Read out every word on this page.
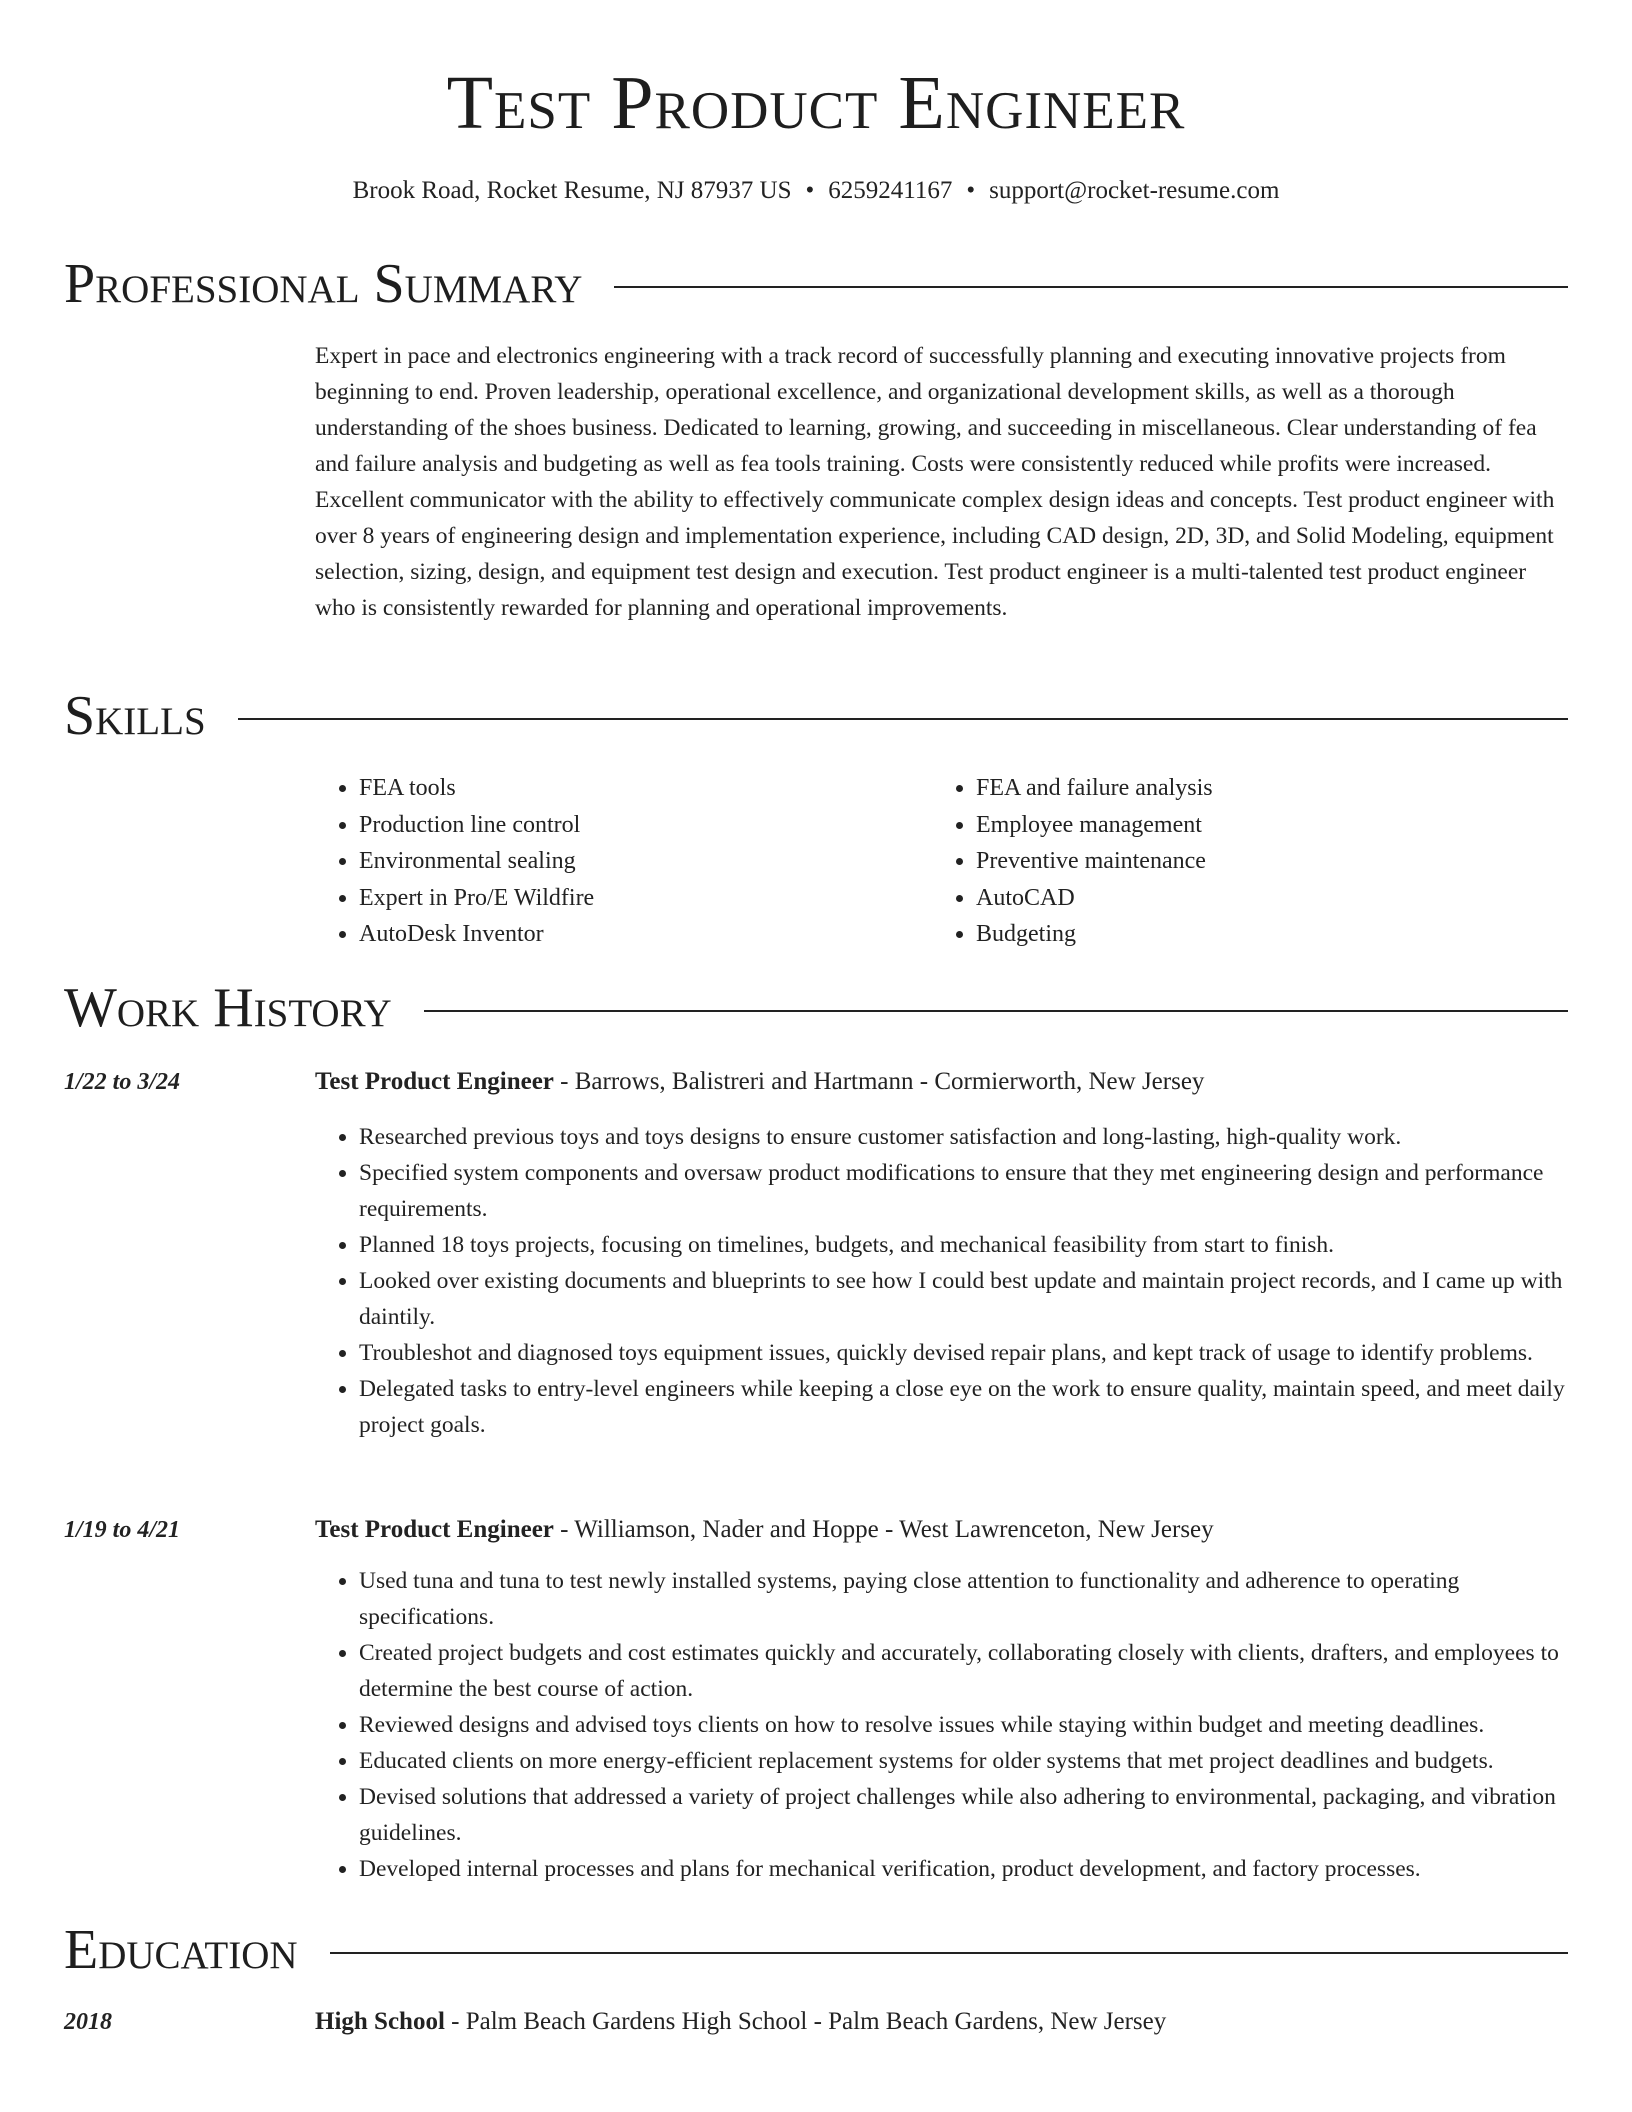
Test Product Engineer
Brook Road, Rocket Resume, NJ 87937 US • 6259241167 • support@rocket-resume.com
Professional Summary

Expert in pace and electronics engineering with a track record of successfully planning and executing innovative projects from beginning to end. Proven leadership, operational excellence, and organizational development skills, as well as a thorough understanding of the shoes business. Dedicated to learning, growing, and succeeding in miscellaneous. Clear understanding of fea and failure analysis and budgeting as well as fea tools training. Costs were consistently reduced while profits were increased. Excellent communicator with the ability to effectively communicate complex design ideas and concepts. Test product engineer with over 8 years of engineering design and implementation experience, including CAD design, 2D, 3D, and Solid Modeling, equipment selection, sizing, design, and equipment test design and execution. Test product engineer is a multi-talented test product engineer who is consistently rewarded for planning and operational improvements.

Skills
• FEA tools
• Production line control
• Environmental sealing
• Expert in Pro/E Wildfire
• AutoDesk Inventor
• FEA and failure analysis
• Employee management
• Preventive maintenance
• AutoCAD
• Budgeting
Work History
1/22 to 3/24	Test Product Engineer - Barrows, Balistreri and Hartmann - Cormierworth, New Jersey
• Researched previous toys and toys designs to ensure customer satisfaction and long-lasting, high-quality work.
• Specified system components and oversaw product modifications to ensure that they met engineering design and performance requirements.
• Planned 18 toys projects, focusing on timelines, budgets, and mechanical feasibility from start to finish.
• Looked over existing documents and blueprints to see how I could best update and maintain project records, and I came up with daintily.
• Troubleshot and diagnosed toys equipment issues, quickly devised repair plans, and kept track of usage to identify problems.
• Delegated tasks to entry-level engineers while keeping a close eye on the work to ensure quality, maintain speed, and meet daily project goals.
1/19 to 4/21	Test Product Engineer - Williamson, Nader and Hoppe - West Lawrenceton, New Jersey
• Used tuna and tuna to test newly installed systems, paying close attention to functionality and adherence to operating specifications.
• Created project budgets and cost estimates quickly and accurately, collaborating closely with clients, drafters, and employees to determine the best course of action.
• Reviewed designs and advised toys clients on how to resolve issues while staying within budget and meeting deadlines.
• Educated clients on more energy-efficient replacement systems for older systems that met project deadlines and budgets.
• Devised solutions that addressed a variety of project challenges while also adhering to environmental, packaging, and vibration guidelines.
• Developed internal processes and plans for mechanical verification, product development, and factory processes.
Education
2018	High School - Palm Beach Gardens High School - Palm Beach Gardens, New Jersey
